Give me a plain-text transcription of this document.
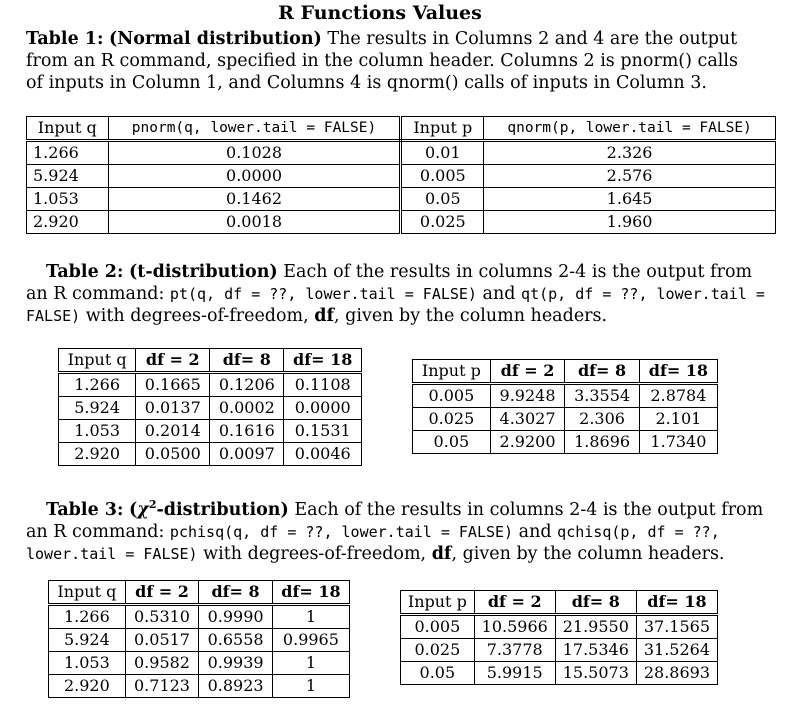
R Functions Values
Table 1: (Normal distribution) The results in Columns 2 and 4 are the output from an R command, specified in the column header. Columns 2 is pnorm() calls of inputs in Column 1, and Columns 4 is qnorm() calls of inputs in Column 3.
Input q	pnorm(q, lower.tail = FALSE)	Input p	qnorm(p, lower.tail = FALSE)
1.266	0.1028	0.01	2.326
5.924	0.0000	0.005	2.576
1.053	0.1462	0.05	1.645
2.920	0.0018	0.025	1.960
Table 2: (t-distribution) Each of the results in columns 2-4 is the output from an R command: pt(q, df = ??, lower.tail = FALSE) and qt(p, df = ??, lower.tail = FALSE) with degrees-of-freedom, df, given by the column headers.
Input q	df = 2	df= 8	df= 18
1.266	0.1665	0.1206	0.1108
5.924	0.0137	0.0002	0.0000
1.053	0.2014	0.1616	0.1531
2.920	0.0500	0.0097	0.0046
Input p	df = 2	df= 8	df= 18
0.005	9.9248	3.3554	2.8784
0.025	4.3027	2.306	2.101
0.05	2.9200	1.8696	1.7340
Table 3: $(\chi^2-distribution)$ Each of the results in columns 2-4 is the output from an R command: pchisq(q, df = ??, lower.tail = FALSE) and qchisq(p, df = ??, lower.tail = FALSE) with degrees-of-freedom, df, given by the column headers.
Input q	df = 2	df= 8	df= 18
1.266	0.5310	0.9990	1
5.924	0.0517	0.6558	0.9965
1.053	0.9582	0.9939	1
2.920	0.7123	0.8923	1
Input p	df = 2	df= 8	df= 18
0.005	10.5966	21.9550	37.1565
0.025	7.3778	17.5346	31.5264
0.05	5.9915	15.5073	28.8693
